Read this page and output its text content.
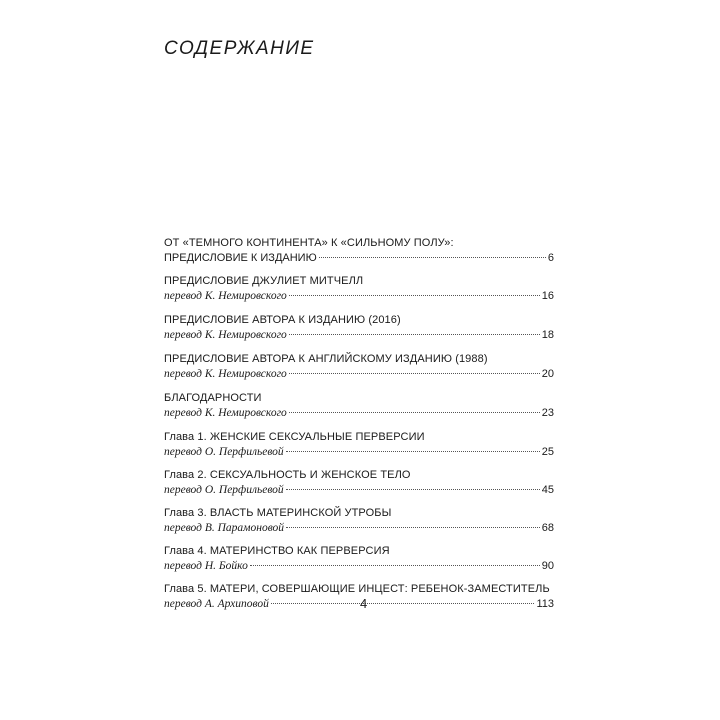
СОДЕРЖАНИЕ
ОТ «ТЕМНОГО КОНТИНЕНТА» К «СИЛЬНОМУ ПОЛУ»:
ПРЕДИСЛОВИЕ К ИЗДАНИЮ	6
ПРЕДИСЛОВИЕ ДЖУЛИЕТ МИТЧЕЛЛ
перевод К. Немировского	16
ПРЕДИСЛОВИЕ АВТОРА К ИЗДАНИЮ (2016)
перевод К. Немировского	18
ПРЕДИСЛОВИЕ АВТОРА К АНГЛИЙСКОМУ ИЗДАНИЮ (1988)
перевод К. Немировского	20
БЛАГОДАРНОСТИ
перевод К. Немировского	23
Глава 1. ЖЕНСКИЕ СЕКСУАЛЬНЫЕ ПЕРВЕРСИИ
перевод О. Перфильевой	25
Глава 2. СЕКСУАЛЬНОСТЬ И ЖЕНСКОЕ ТЕЛО
перевод О. Перфильевой	45
Глава 3. ВЛАСТЬ МАТЕРИНСКОЙ УТРОБЫ
перевод В. Парамоновой	68
Глава 4. МАТЕРИНСТВО КАК ПЕРВЕРСИЯ
перевод Н. Бойко	90
Глава 5. МАТЕРИ, СОВЕРШАЮЩИЕ ИНЦЕСТ: РЕБЕНОК-ЗАМЕСТИТЕЛЬ
перевод А. Архиповой	113
4
